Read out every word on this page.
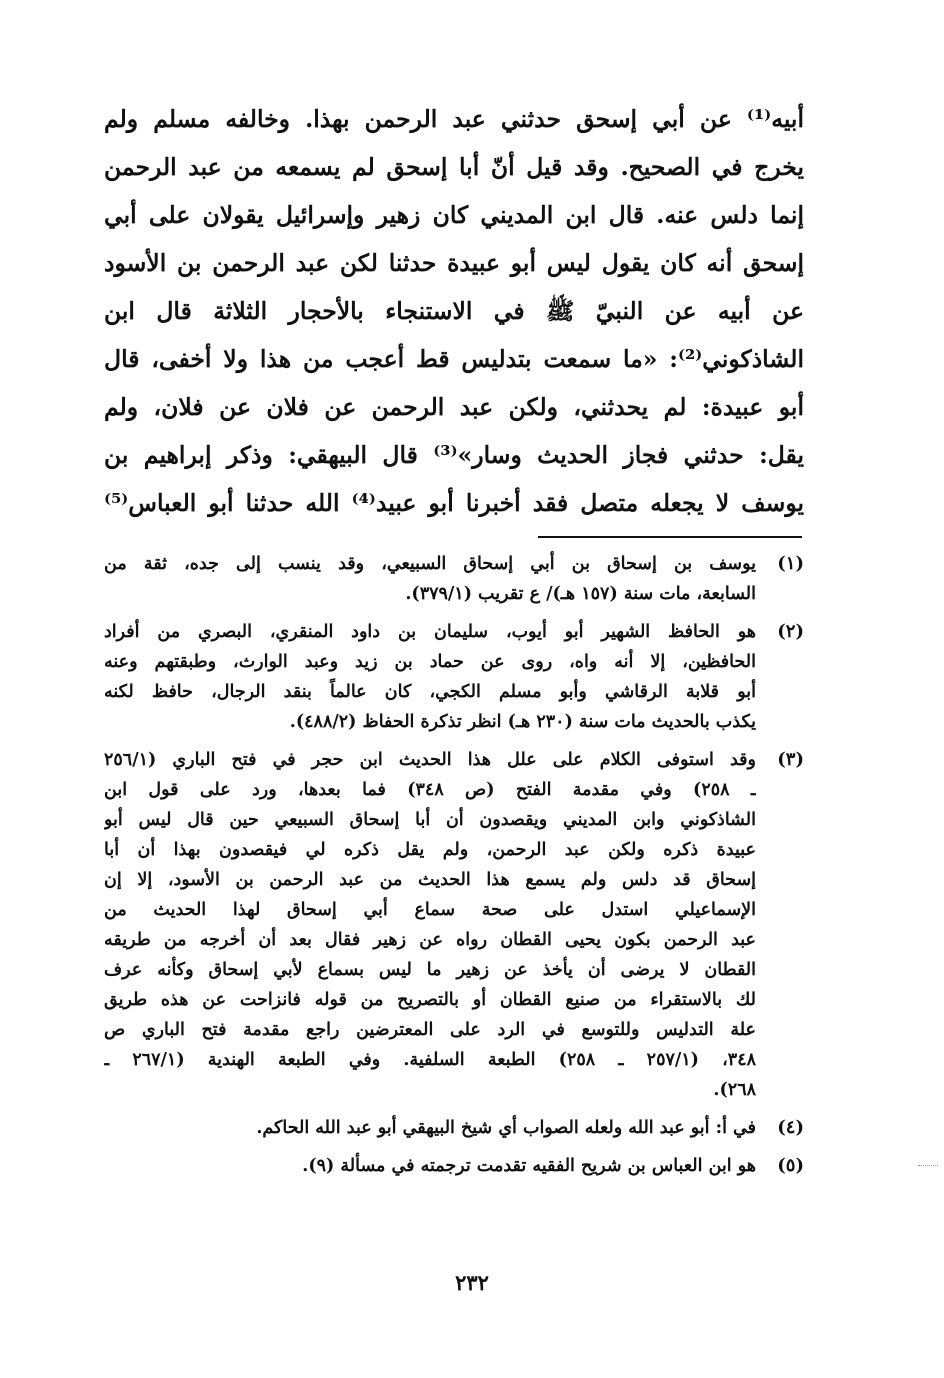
أبيه⁽¹⁾ عن أبي إسحق حدثني عبد الرحمن بهذا. وخالفه مسلم ولم
يخرج في الصحيح. وقد قيل أنّ أبا إسحق لم يسمعه من عبد الرحمن
إنما دلس عنه. قال ابن المديني كان زهير وإسرائيل يقولان على أبي
إسحق أنه كان يقول ليس أبو عبيدة حدثنا لكن عبد الرحمن بن الأسود
عن أبيه عن النبيّ ﷺ في الاستنجاء بالأحجار الثلاثة قال ابن
الشاذكوني⁽²⁾: «ما سمعت بتدليس قط أعجب من هذا ولا أخفى، قال
أبو عبيدة: لم يحدثني، ولكن عبد الرحمن عن فلان عن فلان، ولم
يقل: حدثني فجاز الحديث وسار»⁽³⁾ قال البيهقي: وذكر إبراهيم بن
يوسف لا يجعله متصل فقد أخبرنا أبو عبيد⁽⁴⁾ الله حدثنا أبو العباس⁽⁵⁾
(١)
يوسف بن إسحاق بن أبي إسحاق السبيعي، وقد ينسب إلى جده، ثقة من
السابعة، مات سنة (١٥٧ هـ)/ ع تقريب (٣٧٩/١).
(٢)
هو الحافظ الشهير أبو أيوب، سليمان بن داود المنقري، البصري من أفراد
الحافظين، إلا أنه واه، روى عن حماد بن زيد وعبد الوارث، وطبقتهم وعنه
أبو قلابة الرقاشي وأبو مسلم الكجي، كان عالماً بنقد الرجال، حافظ لكنه
يكذب بالحديث مات سنة (٢٣٠ هـ) انظر تذكرة الحفاظ (٤٨٨/٢).
(٣)
وقد استوفى الكلام على علل هذا الحديث ابن حجر في فتح الباري (٢٥٦/١
ـ ٢٥٨) وفي مقدمة الفتح (ص ٣٤٨) فما بعدها، ورد على قول ابن
الشاذكوني وابن المديني ويقصدون أن أبا إسحاق السبيعي حين قال ليس أبو
عبيدة ذكره ولكن عبد الرحمن، ولم يقل ذكره لي فيقصدون بهذا أن أبا
إسحاق قد دلس ولم يسمع هذا الحديث من عبد الرحمن بن الأسود، إلا إن
الإسماعيلي استدل على صحة سماع أبي إسحاق لهذا الحديث من
عبد الرحمن بكون يحيى القطان رواه عن زهير فقال بعد أن أخرجه من طريقه
القطان لا يرضى أن يأخذ عن زهير ما ليس بسماع لأبي إسحاق وكأنه عرف
لك بالاستقراء من صنيع القطان أو بالتصريح من قوله فانزاحت عن هذه طريق
علة التدليس وللتوسع في الرد على المعترضين راجع مقدمة فتح الباري ص
٣٤٨، (٢٥٧/١ ـ ٢٥٨) الطبعة السلفية. وفي الطبعة الهندية (٢٦٧/١ ـ
٢٦٨).
(٤)
في أ: أبو عبد الله ولعله الصواب أي شيخ البيهقي أبو عبد الله الحاكم.
(٥)
هو ابن العباس بن شريح الفقيه تقدمت ترجمته في مسألة (٩).
٢٣٢
